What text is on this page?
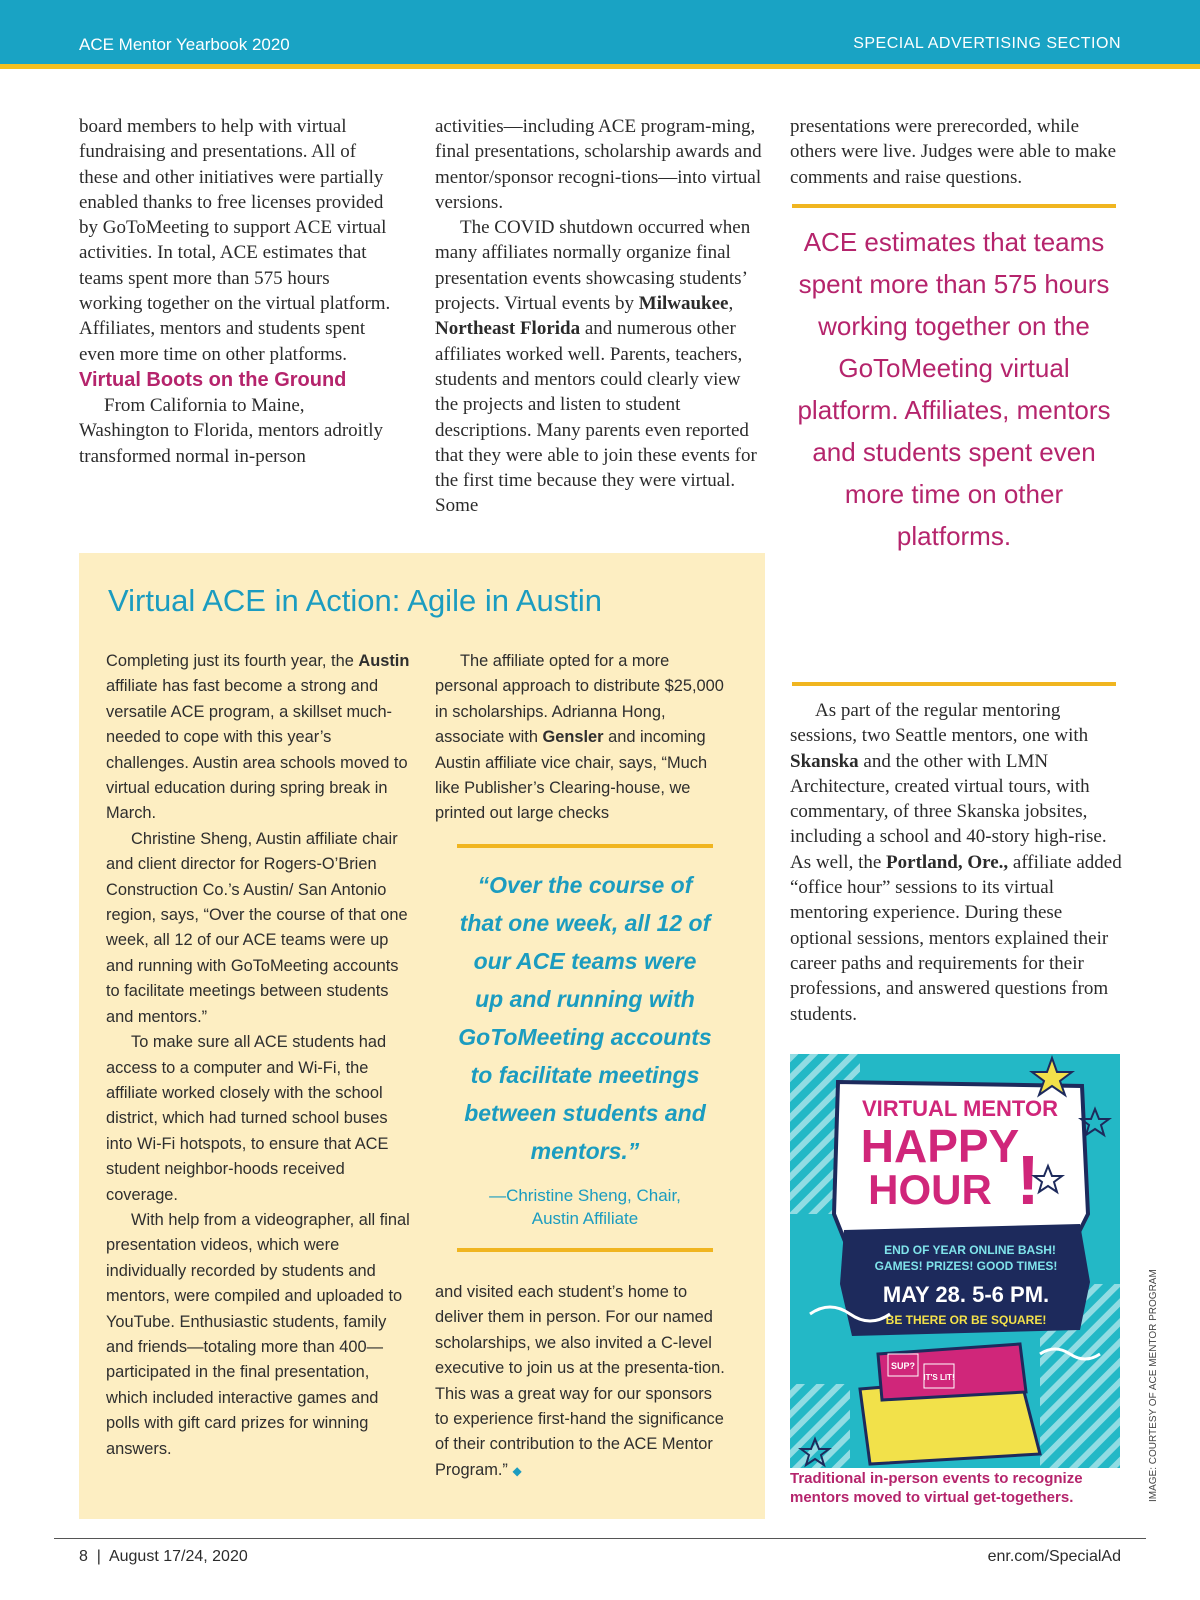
ACE Mentor Yearbook 2020	SPECIAL ADVERTISING SECTION

board members to help with virtual fundraising and presentations. All of these and other initiatives were partially enabled thanks to free licenses provided by GoToMeeting to support ACE virtual activities. In total, ACE estimates that teams spent more than 575 hours working together on the virtual platform. Affiliates, mentors and students spent even more time on other platforms.

Virtual Boots on the Ground

From California to Maine, Washington to Florida, mentors adroitly transformed normal in-person

activities—including ACE program-ming, final presentations, scholarship awards and mentor/sponsor recogni-tions—into virtual versions.

The COVID shutdown occurred when many affiliates normally organize final presentation events showcasing students’ projects. Virtual events by Milwaukee, Northeast Florida and numerous other affiliates worked well. Parents, teachers, students and mentors could clearly view the projects and listen to student descriptions. Many parents even reported that they were able to join these events for the first time because they were virtual. Some

presentations were prerecorded, while others were live. Judges were able to make comments and raise questions.

ACE estimates that teams spent more than 575 hours working together on the GoToMeeting virtual platform. Affiliates, mentors and students spent even more time on other platforms.

As part of the regular mentoring sessions, two Seattle mentors, one with Skanska and the other with LMN Architecture, created virtual tours, with commentary, of three Skanska jobsites, including a school and 40-story high-rise. As well, the Portland, Ore., affiliate added “office hour” sessions to its virtual mentoring experience. During these optional sessions, mentors explained their career paths and requirements for their professions, and answered questions from students.

Virtual ACE in Action: Agile in Austin

Completing just its fourth year, the Austin affiliate has fast become a strong and versatile ACE program, a skillset much-needed to cope with this year’s challenges. Austin area schools moved to virtual education during spring break in March.

Christine Sheng, Austin affiliate chair and client director for Rogers-O’Brien Construction Co.’s Austin/ San Antonio region, says, “Over the course of that one week, all 12 of our ACE teams were up and running with GoToMeeting accounts to facilitate meetings between students and mentors.”

To make sure all ACE students had access to a computer and Wi-Fi, the affiliate worked closely with the school district, which had turned school buses into Wi-Fi hotspots, to ensure that ACE student neighbor-hoods received coverage.

With help from a videographer, all final presentation videos, which were individually recorded by students and mentors, were compiled and uploaded to YouTube. Enthusiastic students, family and friends—totaling more than 400—participated in the final presentation, which included interactive games and polls with gift card prizes for winning answers.

The affiliate opted for a more personal approach to distribute $25,000 in scholarships. Adrianna Hong, associate with Gensler and incoming Austin affiliate vice chair, says, “Much like Publisher’s Clearing-house, we printed out large checks

“Over the course of that one week, all 12 of our ACE teams were up and running with GoToMeeting accounts to facilitate meetings between students and mentors.”

—Christine Sheng, Chair,
Austin Affiliate

and visited each student’s home to deliver them in person. For our named scholarships, we also invited a C-level executive to join us at the presenta-tion. This was a great way for our sponsors to experience first-hand the significance of their contribution to the ACE Mentor Program.” ◆

VIRTUAL MENTOR
HAPPY
HOUR !
END OF YEAR ONLINE BASH!
GAMES! PRIZES! GOOD TIMES!
MAY 28. 5-6 PM.
BE THERE OR BE SQUARE!
SUP?
IT'S LIT!
Traditional in-person events to recognize mentors moved to virtual get-togethers.	IMAGE: COURTESY OF ACE MENTOR PROGRAM
8  |  August 17/24, 2020	enr.com/SpecialAd
